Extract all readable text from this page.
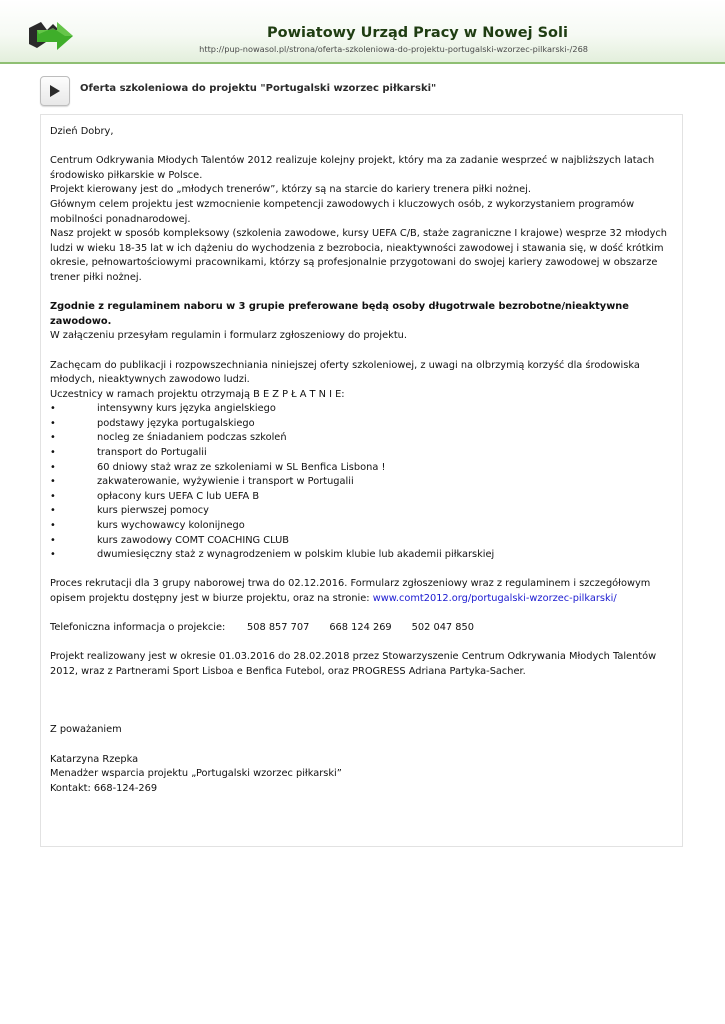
Powiatowy Urząd Pracy w Nowej Soli
http://pup-nowasol.pl/strona/oferta-szkoleniowa-do-projektu-portugalski-wzorzec-pilkarski-/268
Oferta szkoleniowa do projektu "Portugalski wzorzec piłkarski"

Dzień Dobry,

Centrum Odkrywania Młodych Talentów 2012 realizuje kolejny projekt, który ma za zadanie wesprzeć w najbliższych latach

środowisko piłkarskie w Polsce.

Projekt kierowany jest do „młodych trenerów”, którzy są na starcie do kariery trenera piłki nożnej.

Głównym celem projektu jest wzmocnienie kompetencji zawodowych i kluczowych osób, z wykorzystaniem programów

mobilności ponadnarodowej.

Nasz projekt w sposób kompleksowy (szkolenia zawodowe, kursy UEFA C/B, staże zagraniczne I krajowe) wesprze 32 młodych

ludzi w wieku 18-35 lat w ich dążeniu do wychodzenia z bezrobocia, nieaktywności zawodowej i stawania się, w dość krótkim

okresie, pełnowartościowymi pracownikami, którzy są profesjonalnie przygotowani do swojej kariery zawodowej w obszarze

trener piłki nożnej.

Zgodnie z regulaminem naboru w 3 grupie preferowane będą osoby długotrwale bezrobotne/nieaktywne

zawodowo.

W załączeniu przesyłam regulamin i formularz zgłoszeniowy do projektu.

Zachęcam do publikacji i rozpowszechniania niniejszej oferty szkoleniowej, z uwagi na olbrzymią korzyść dla środowiska

młodych, nieaktywnych zawodowo ludzi.

Uczestnicy w ramach projektu otrzymają B E Z P Ł A T N I E:

•	intensywny kurs języka angielskiego
•	podstawy języka portugalskiego
•	nocleg ze śniadaniem podczas szkoleń
•	transport do Portugalii
•	60 dniowy staż wraz ze szkoleniami w SL Benfica Lisbona !
•	zakwaterowanie, wyżywienie i transport w Portugalii
•	opłacony kurs UEFA C lub UEFA B
•	kurs pierwszej pomocy
•	kurs wychowawcy kolonijnego
•	kurs zawodowy COMT COACHING CLUB
•	dwumiesięczny staż z wynagrodzeniem w polskim klubie lub akademii piłkarskiej

Proces rekrutacji dla 3 grupy naborowej trwa do 02.12.2016. Formularz zgłoszeniowy wraz z regulaminem i szczegółowym

opisem projektu dostępny jest w biurze projektu, oraz na stronie: www.comt2012.org/portugalski-wzorzec-pilkarski/

Telefoniczna informacja o projekcie: 508 857 707 668 124 269 502 047 850

Projekt realizowany jest w okresie 01.03.2016 do 28.02.2018 przez Stowarzyszenie Centrum Odkrywania Młodych Talentów

2012, wraz z Partnerami Sport Lisboa e Benfica Futebol, oraz PROGRESS Adriana Partyka-Sacher.

Z poważaniem

Katarzyna Rzepka

Menadżer wsparcia projektu „Portugalski wzorzec piłkarski”

Kontakt: 668-124-269
